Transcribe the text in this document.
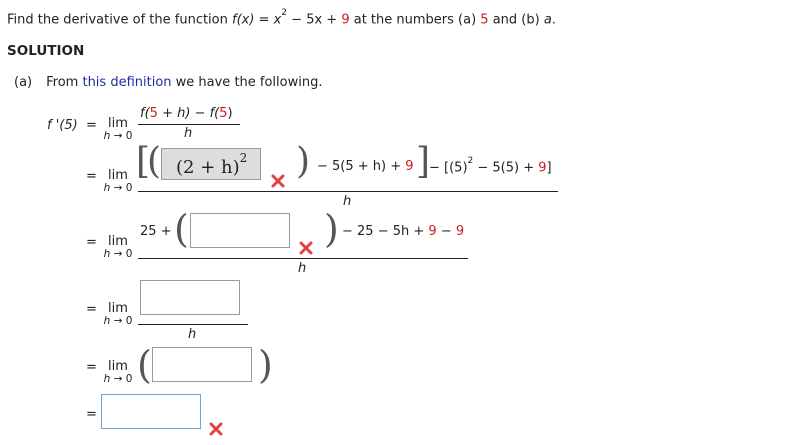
Find the derivative of the function $f(x) = x^2 - 5x + 9$ at the numbers (a) 5 and (b) a.
SOLUTION
(a) From this definition we have the following.
f '(5) = lim
h → 0
f(5 + h) − f(5)
h
= lim
h → 0
[
( $(2 + h)^2$ ) − 5(5 + h) + 9 ]
− $[(5)^2 - 5(5) + 9]$
h
= lim
h → 0
25 + (	) − 25 − 5h + 9 − 9
h
= lim
h → 0
h
= lim
h → 0 (	)
=
